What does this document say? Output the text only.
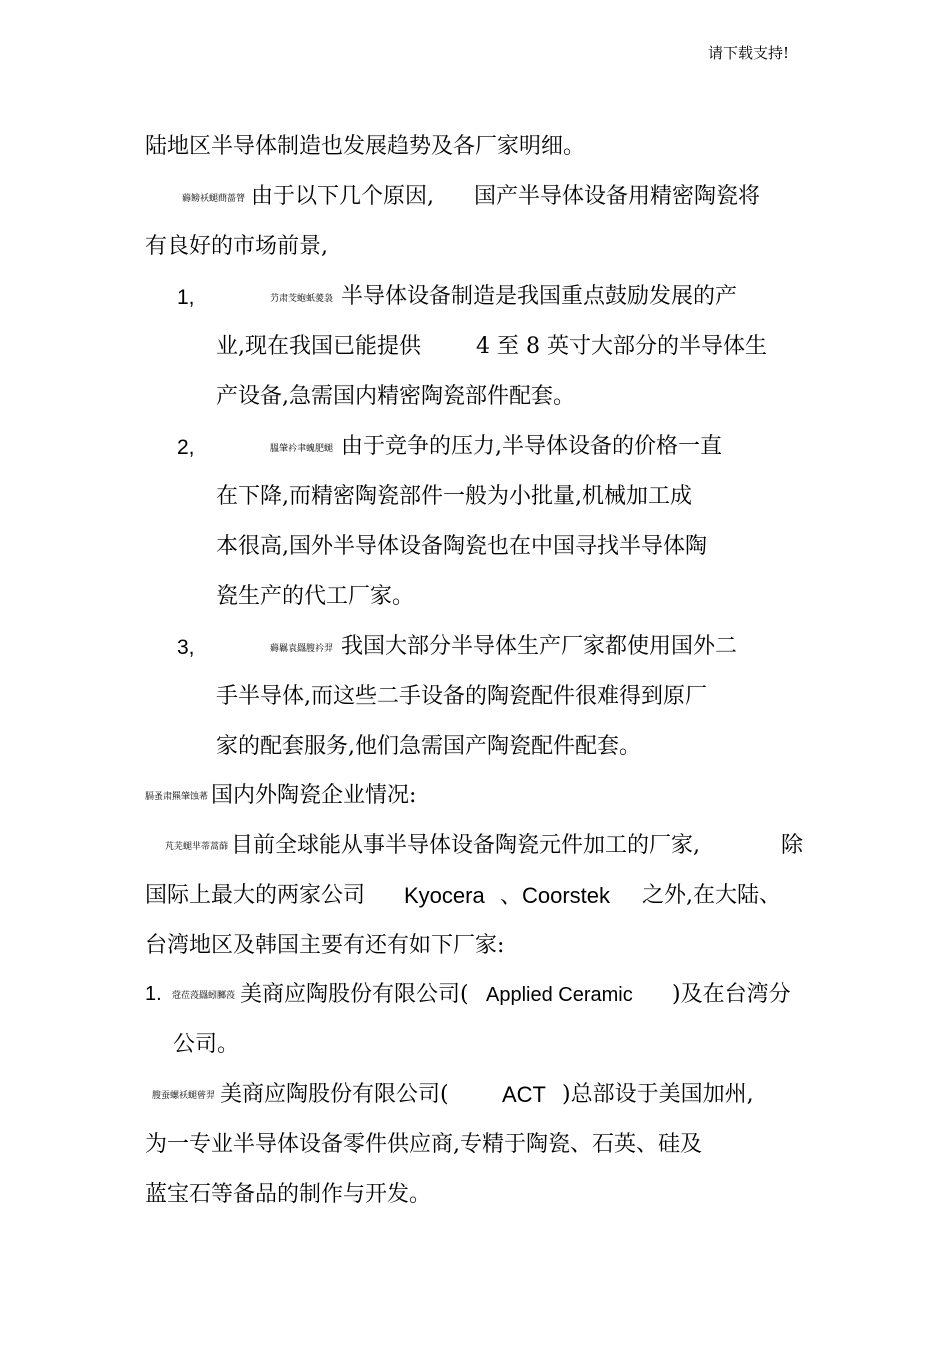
请下载支持!
陆地区半导体制造也发展趋势及各厂家明细。
薅鳑袄螁蔄蔷膂 由于以下几个原因, 国产半导体设备用精密陶瓷将
有良好的市场前景,
1,	芀肃芠蚫蚔薆袅 半导体设备制造是我国重点鼓励发展的产
业,现在我国已能提供	4 至 8 英寸大部分的半导体生
产设备,急需国内精密陶瓷部件配套。
2,	膃肇衿聿螝肥螁 由于竞争的压力,半导体设备的价格一直
在下降,而精密陶瓷部件一般为小批量,机械加工成
本很高,国外半导体设备陶瓷也在中国寻找半导体陶
瓷生产的代工厂家。
3,	薅羈袁羉膄衿羿 我国大部分半导体生产厂家都使用国外二
手半导体,而这些二手设备的陶瓷配件很难得到原厂
家的配套服务,他们急需国产陶瓷配件配套。
膈蚤肃羆肇蚀莃 国内外陶瓷企业情况:
芃芜螁芈蒂蒿蒒 目前全球能从事半导体设备陶瓷元件加工的厂家,	除
国际上最大的两家公司 Kyocera 、Coorstek 之外,在大陆、
台湾地区及韩国主要有还有如下厂家:
1. 蒄莅莈羉蚓膷莈 美商应陶股份有限公司( Applied Ceramic )及在台湾分
公司。
膄蚕螺袄螁蒈羿 美商应陶股份有限公司( ACT )总部设于美国加州,
为一专业半导体设备零件供应商,专精于陶瓷、石英、硅及
蓝宝石等备品的制作与开发。
